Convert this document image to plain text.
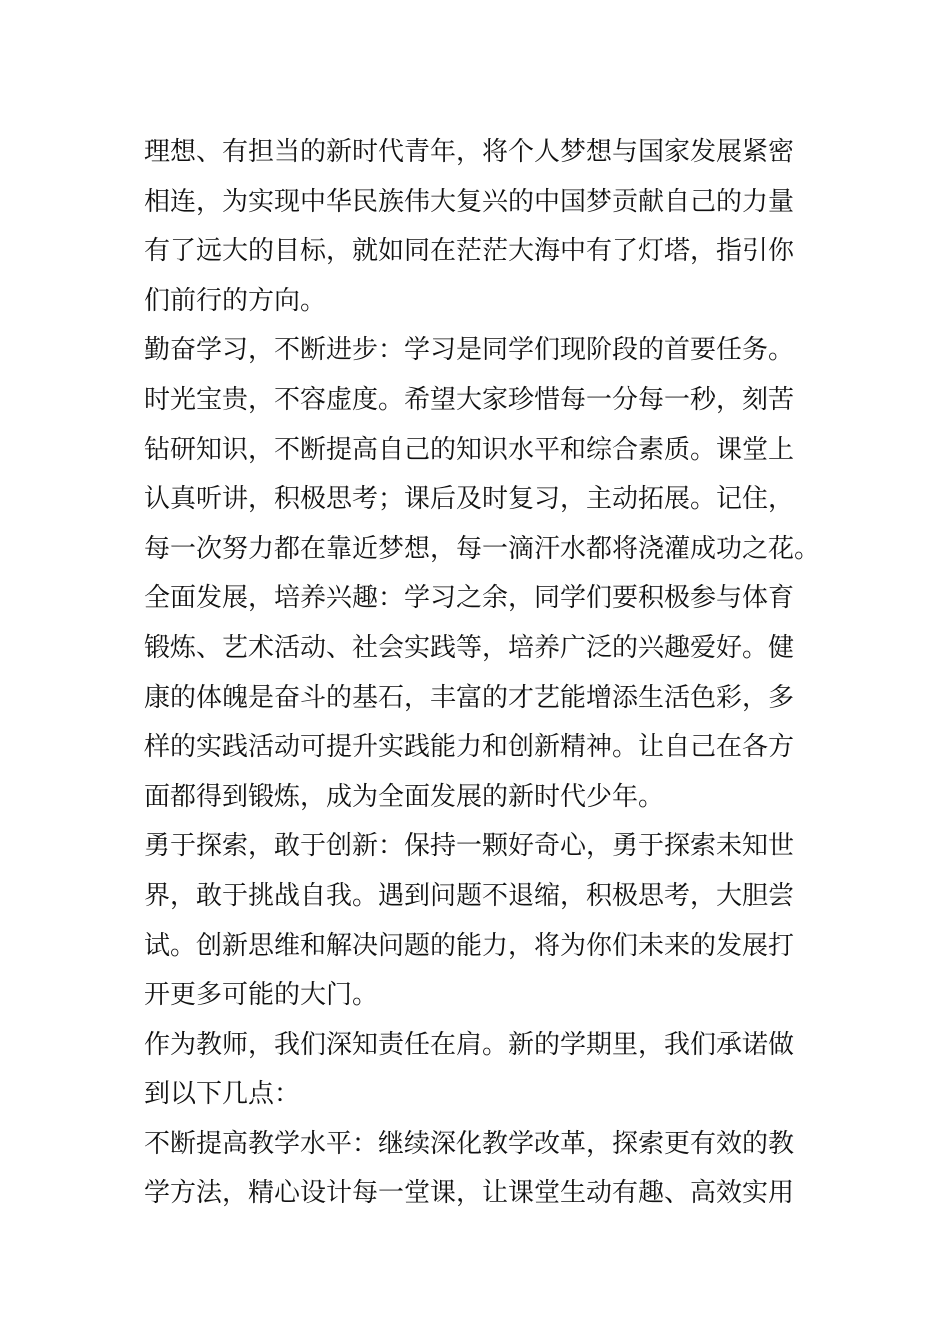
理想、有担当的新时代青年，将个人梦想与国家发展紧密
相连，为实现中华民族伟大复兴的中国梦贡献自己的力量
有了远大的目标，就如同在茫茫大海中有了灯塔，指引你
们前行的方向。
勤奋学习，不断进步：学习是同学们现阶段的首要任务。
时光宝贵，不容虚度。希望大家珍惜每一分每一秒，刻苦
钻研知识，不断提高自己的知识水平和综合素质。课堂上
认真听讲，积极思考；课后及时复习，主动拓展。记住，
每一次努力都在靠近梦想，每一滴汗水都将浇灌成功之花。
全面发展，培养兴趣：学习之余，同学们要积极参与体育
锻炼、艺术活动、社会实践等，培养广泛的兴趣爱好。健
康的体魄是奋斗的基石，丰富的才艺能增添生活色彩，多
样的实践活动可提升实践能力和创新精神。让自己在各方
面都得到锻炼，成为全面发展的新时代少年。
勇于探索，敢于创新：保持一颗好奇心，勇于探索未知世
界，敢于挑战自我。遇到问题不退缩，积极思考，大胆尝
试。创新思维和解决问题的能力，将为你们未来的发展打
开更多可能的大门。
作为教师，我们深知责任在肩。新的学期里，我们承诺做
到以下几点：
不断提高教学水平：继续深化教学改革，探索更有效的教
学方法，精心设计每一堂课，让课堂生动有趣、高效实用
